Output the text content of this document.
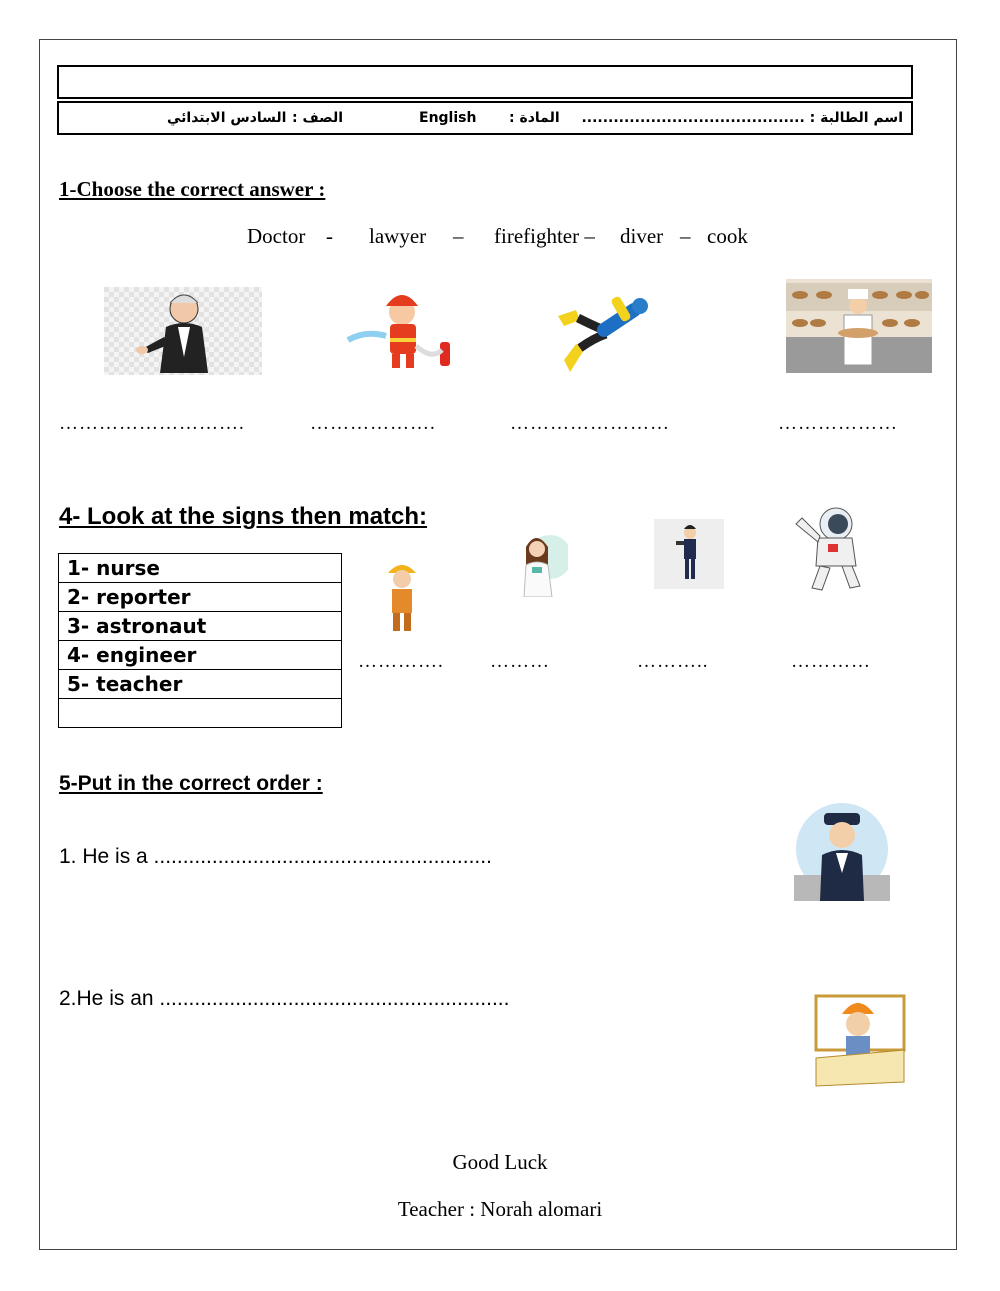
اسم الطالبة : ..........................................
المادة :
English
الصف :
السادس الابتدائي
1-Choose the correct answer :
Doctor - lawyer – firefighter – diver – cook
……………………….	……………….	……………………	………………
4- Look at the signs then match:
1- nurse
2- reporter
3- astronaut
4- engineer
5- teacher

…………. ………	………..	…………
5-Put in the correct order :
1. He is a ..........................................................
2.He is an ............................................................
Good Luck
Teacher : Norah alomari
